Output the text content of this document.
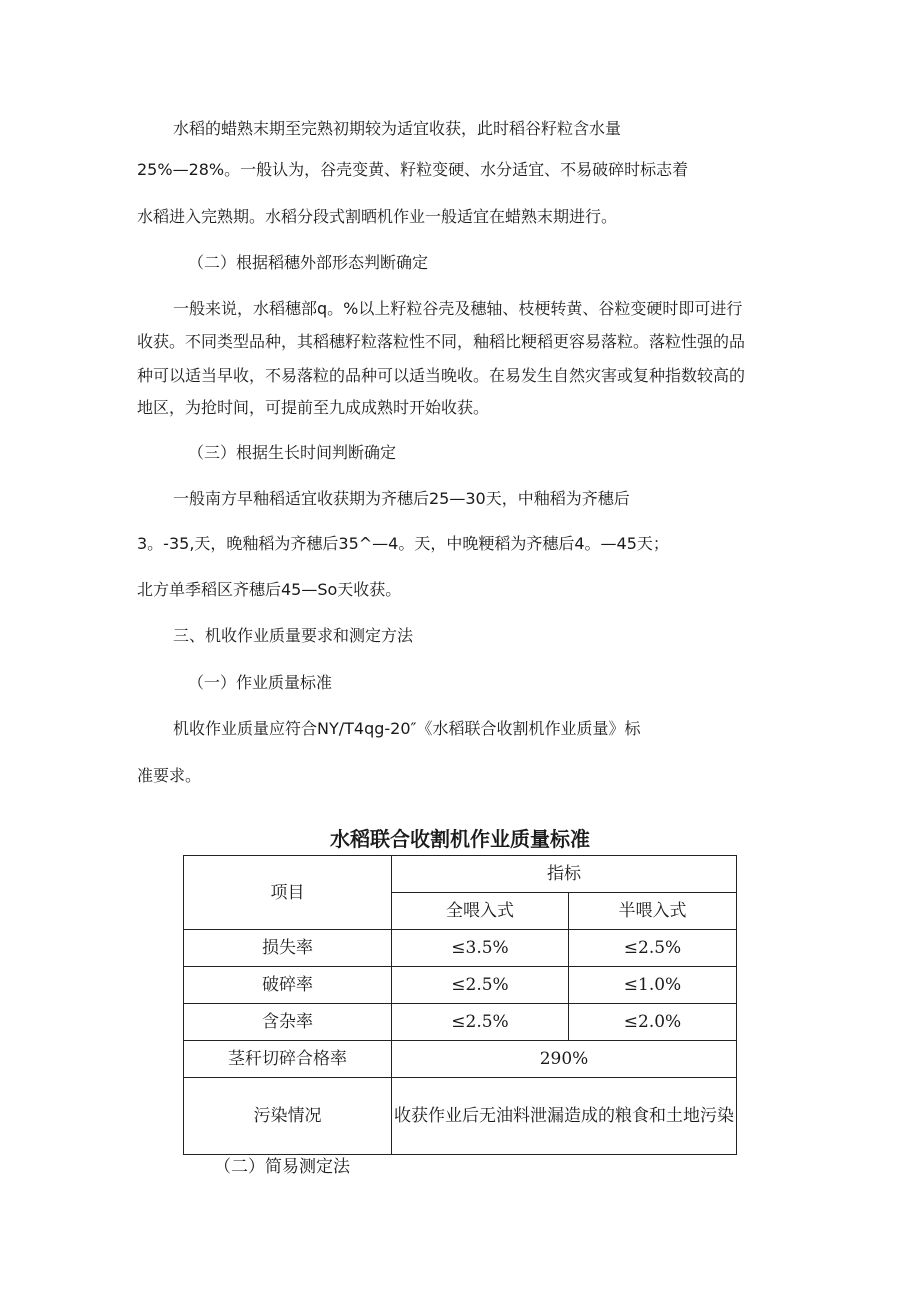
水稻的蜡熟末期至完熟初期较为适宜收获，此时稻谷籽粒含水量
25%—28%。一般认为，谷壳变黄、籽粒变硬、水分适宜、不易破碎时标志着
水稻进入完熟期。水稻分段式割晒机作业一般适宜在蜡熟末期进行。
（二）根据稻穗外部形态判断确定
一般来说，水稻穗部q。%以上籽粒谷壳及穗轴、枝梗转黄、谷粒变硬时即可进行
收获。不同类型品种，其稻穗籽粒落粒性不同，釉稻比粳稻更容易落粒。落粒性强的品
种可以适当早收，不易落粒的品种可以适当晚收。在易发生自然灾害或复种指数较高的
地区，为抢时间，可提前至九成成熟时开始收获。
（三）根据生长时间判断确定
一般南方早釉稻适宜收获期为齐穗后25—30天，中釉稻为齐穗后
3。-35,天，晚釉稻为齐穗后35^—4。天，中晚粳稻为齐穗后4。—45天；
北方单季稻区齐穗后45—So天收获。
三、机收作业质量要求和测定方法
（一）作业质量标准
机收作业质量应符合NY/T4qg-20″《水稻联合收割机作业质量》标
准要求。
水稻联合收割机作业质量标准
项目	指标	
	全喂入式	半喂入式
损失率	≤3.5%	≤2.5%
破碎率	≤2.5%	≤1.0%
含杂率	≤2.5%	≤2.0%
茎秆切碎合格率	290%	
污染情况	收获作业后无油料泄漏造成的粮食和土地污染	
（二）简易测定法
